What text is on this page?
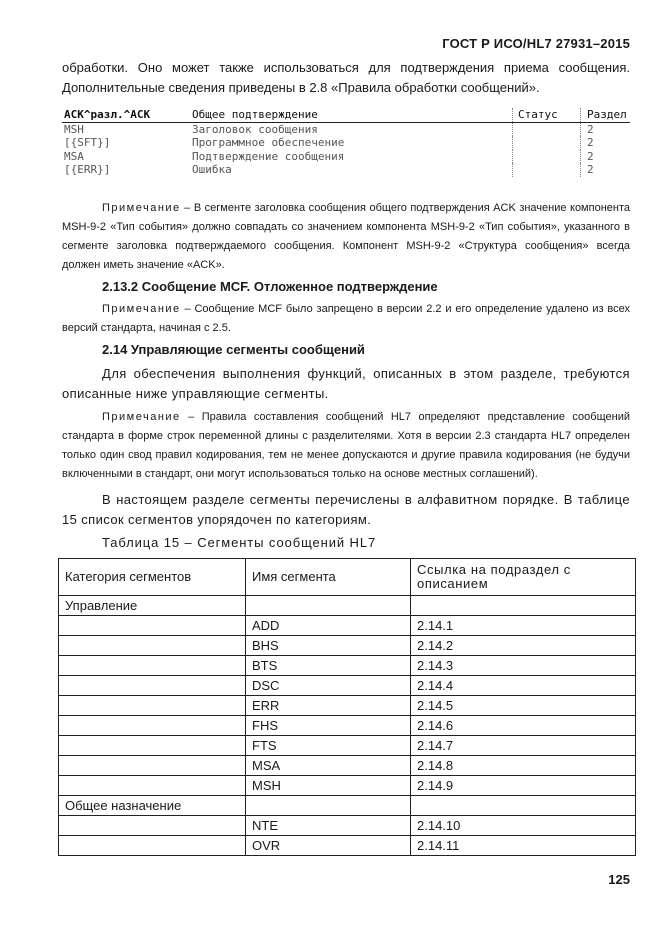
ГОСТ Р ИСО/HL7 27931–2015
обработки. Оно может также использоваться для подтверждения приема сообщения. Дополнительные сведения приведены в 2.8 «Правила обработки сообщений».
ACK^разл.^ACK	Общее подтверждение	Статус	Раздел
MSH	Заголовок сообщения		2
[{SFT}]	Программное обеспечение		2
MSA	Подтверждение сообщения		2
[{ERR}]	Ошибка		2
Примечание – В сегменте заголовка сообщения общего подтверждения ACK значение компонента MSH-9-2 «Тип события» должно совпадать со значением компонента MSH-9-2 «Тип события», указанного в сегменте заголовка подтверждаемого сообщения. Компонент MSH-9-2 «Структура сообщения» всегда должен иметь значение «ACK».
2.13.2 Сообщение MCF. Отложенное подтверждение
Примечание – Сообщение MCF было запрещено в версии 2.2 и его определение удалено из всех версий стандарта, начиная с 2.5.
2.14 Управляющие сегменты сообщений
Для обеспечения выполнения функций, описанных в этом разделе, требуются описанные ниже управляющие сегменты.
Примечание – Правила составления сообщений HL7 определяют представление сообщений стандарта в форме строк переменной длины с разделителями. Хотя в версии 2.3 стандарта HL7 определен только один свод правил кодирования, тем не менее допускаются и другие правила кодирования (не будучи включенными в стандарт, они могут использоваться только на основе местных соглашений).
В настоящем разделе сегменты перечислены в алфавитном порядке. В таблице 15 список сегментов упорядочен по категориям.
Таблица 15 – Сегменты сообщений HL7
Категория сегментов	Имя сегмента	Ссылка на подраздел с описанием
Управление		
	ADD	2.14.1
	BHS	2.14.2
	BTS	2.14.3
	DSC	2.14.4
	ERR	2.14.5
	FHS	2.14.6
	FTS	2.14.7
	MSA	2.14.8
	MSH	2.14.9
Общее назначение		
	NTE	2.14.10
	OVR	2.14.11
125
